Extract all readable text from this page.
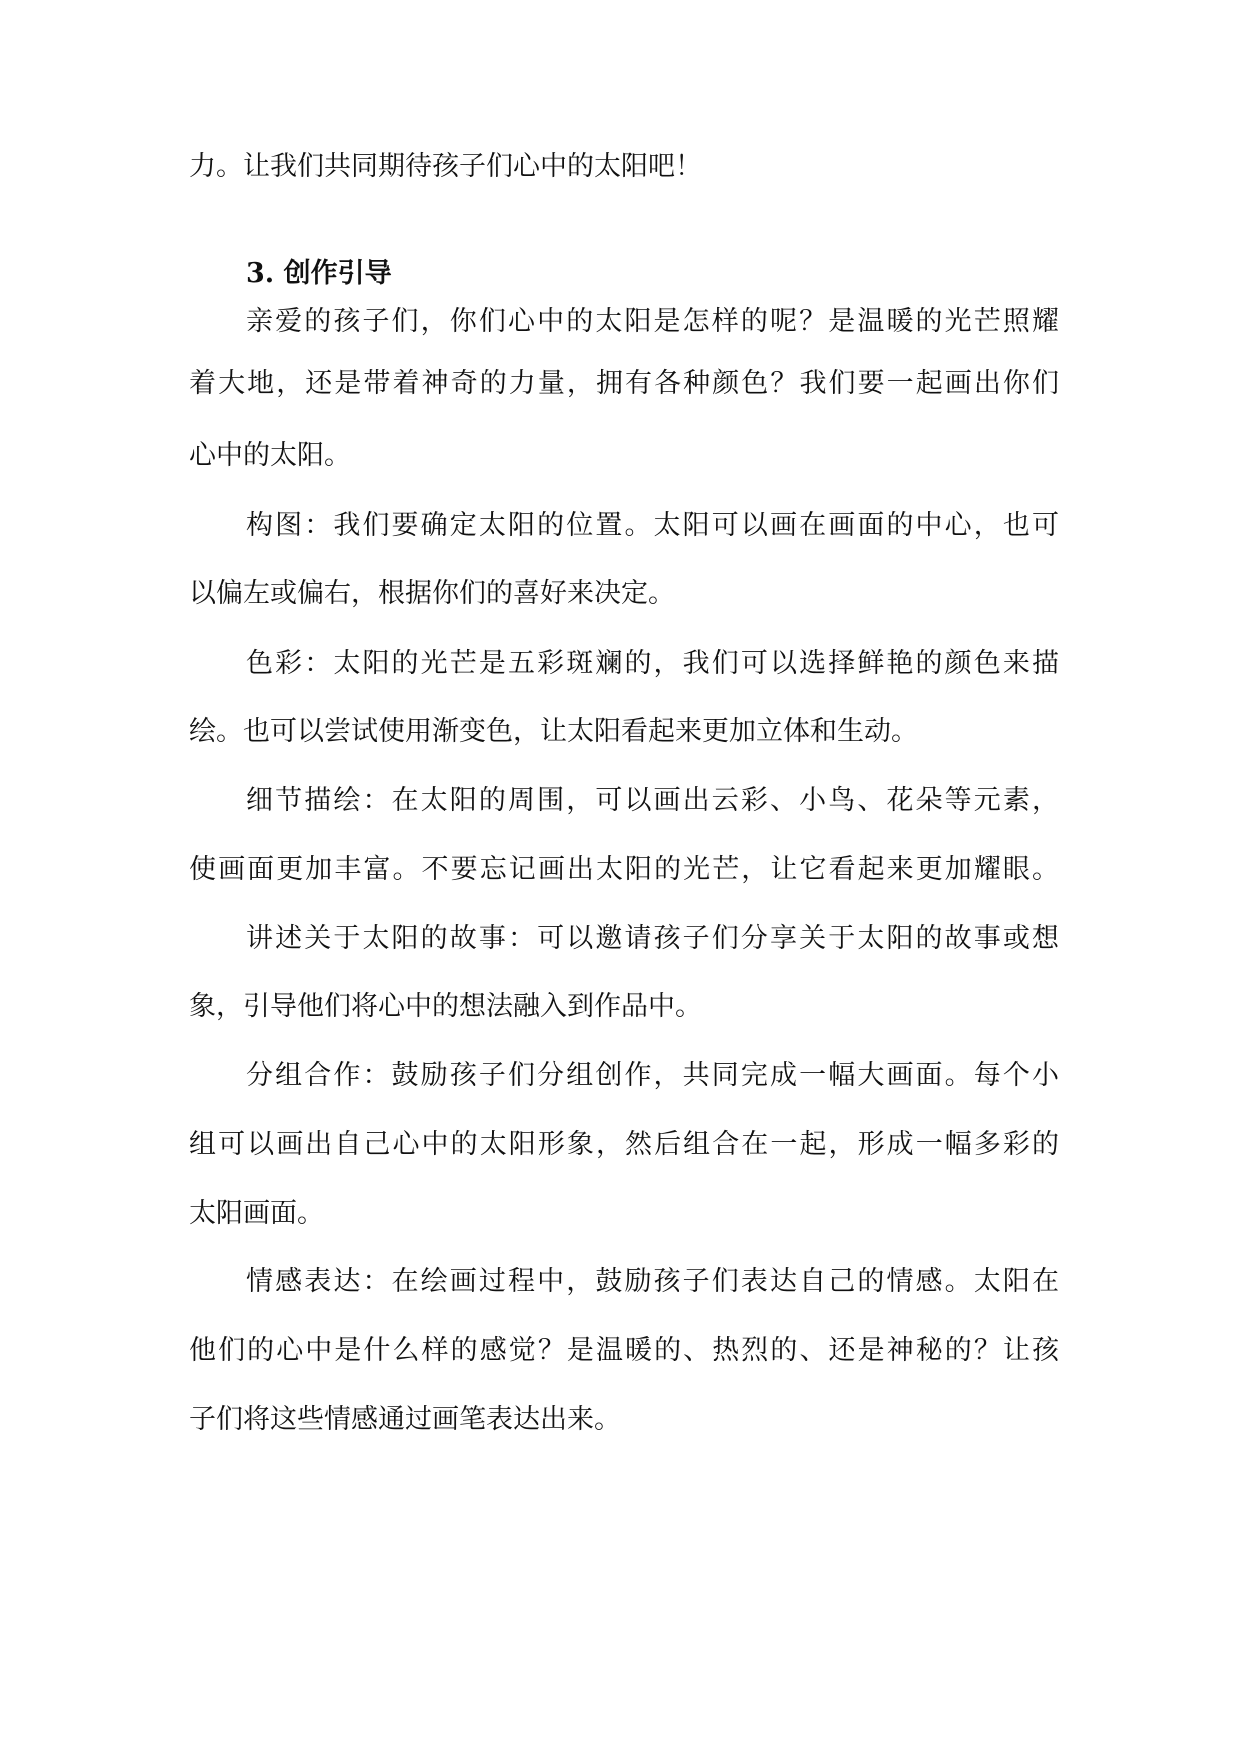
力。让我们共同期待孩子们心中的太阳吧！
3. 创作引导
亲爱的孩子们，你们心中的太阳是怎样的呢？是温暖的光芒照耀
着大地，还是带着神奇的力量，拥有各种颜色？我们要一起画出你们
心中的太阳。
构图：我们要确定太阳的位置。太阳可以画在画面的中心，也可
以偏左或偏右，根据你们的喜好来决定。
色彩：太阳的光芒是五彩斑斓的，我们可以选择鲜艳的颜色来描
绘。也可以尝试使用渐变色，让太阳看起来更加立体和生动。
细节描绘：在太阳的周围，可以画出云彩、小鸟、花朵等元素，
使画面更加丰富。不要忘记画出太阳的光芒，让它看起来更加耀眼。
讲述关于太阳的故事：可以邀请孩子们分享关于太阳的故事或想
象，引导他们将心中的想法融入到作品中。
分组合作：鼓励孩子们分组创作，共同完成一幅大画面。每个小
组可以画出自己心中的太阳形象，然后组合在一起，形成一幅多彩的
太阳画面。
情感表达：在绘画过程中，鼓励孩子们表达自己的情感。太阳在
他们的心中是什么样的感觉？是温暖的、热烈的、还是神秘的？让孩
子们将这些情感通过画笔表达出来。
